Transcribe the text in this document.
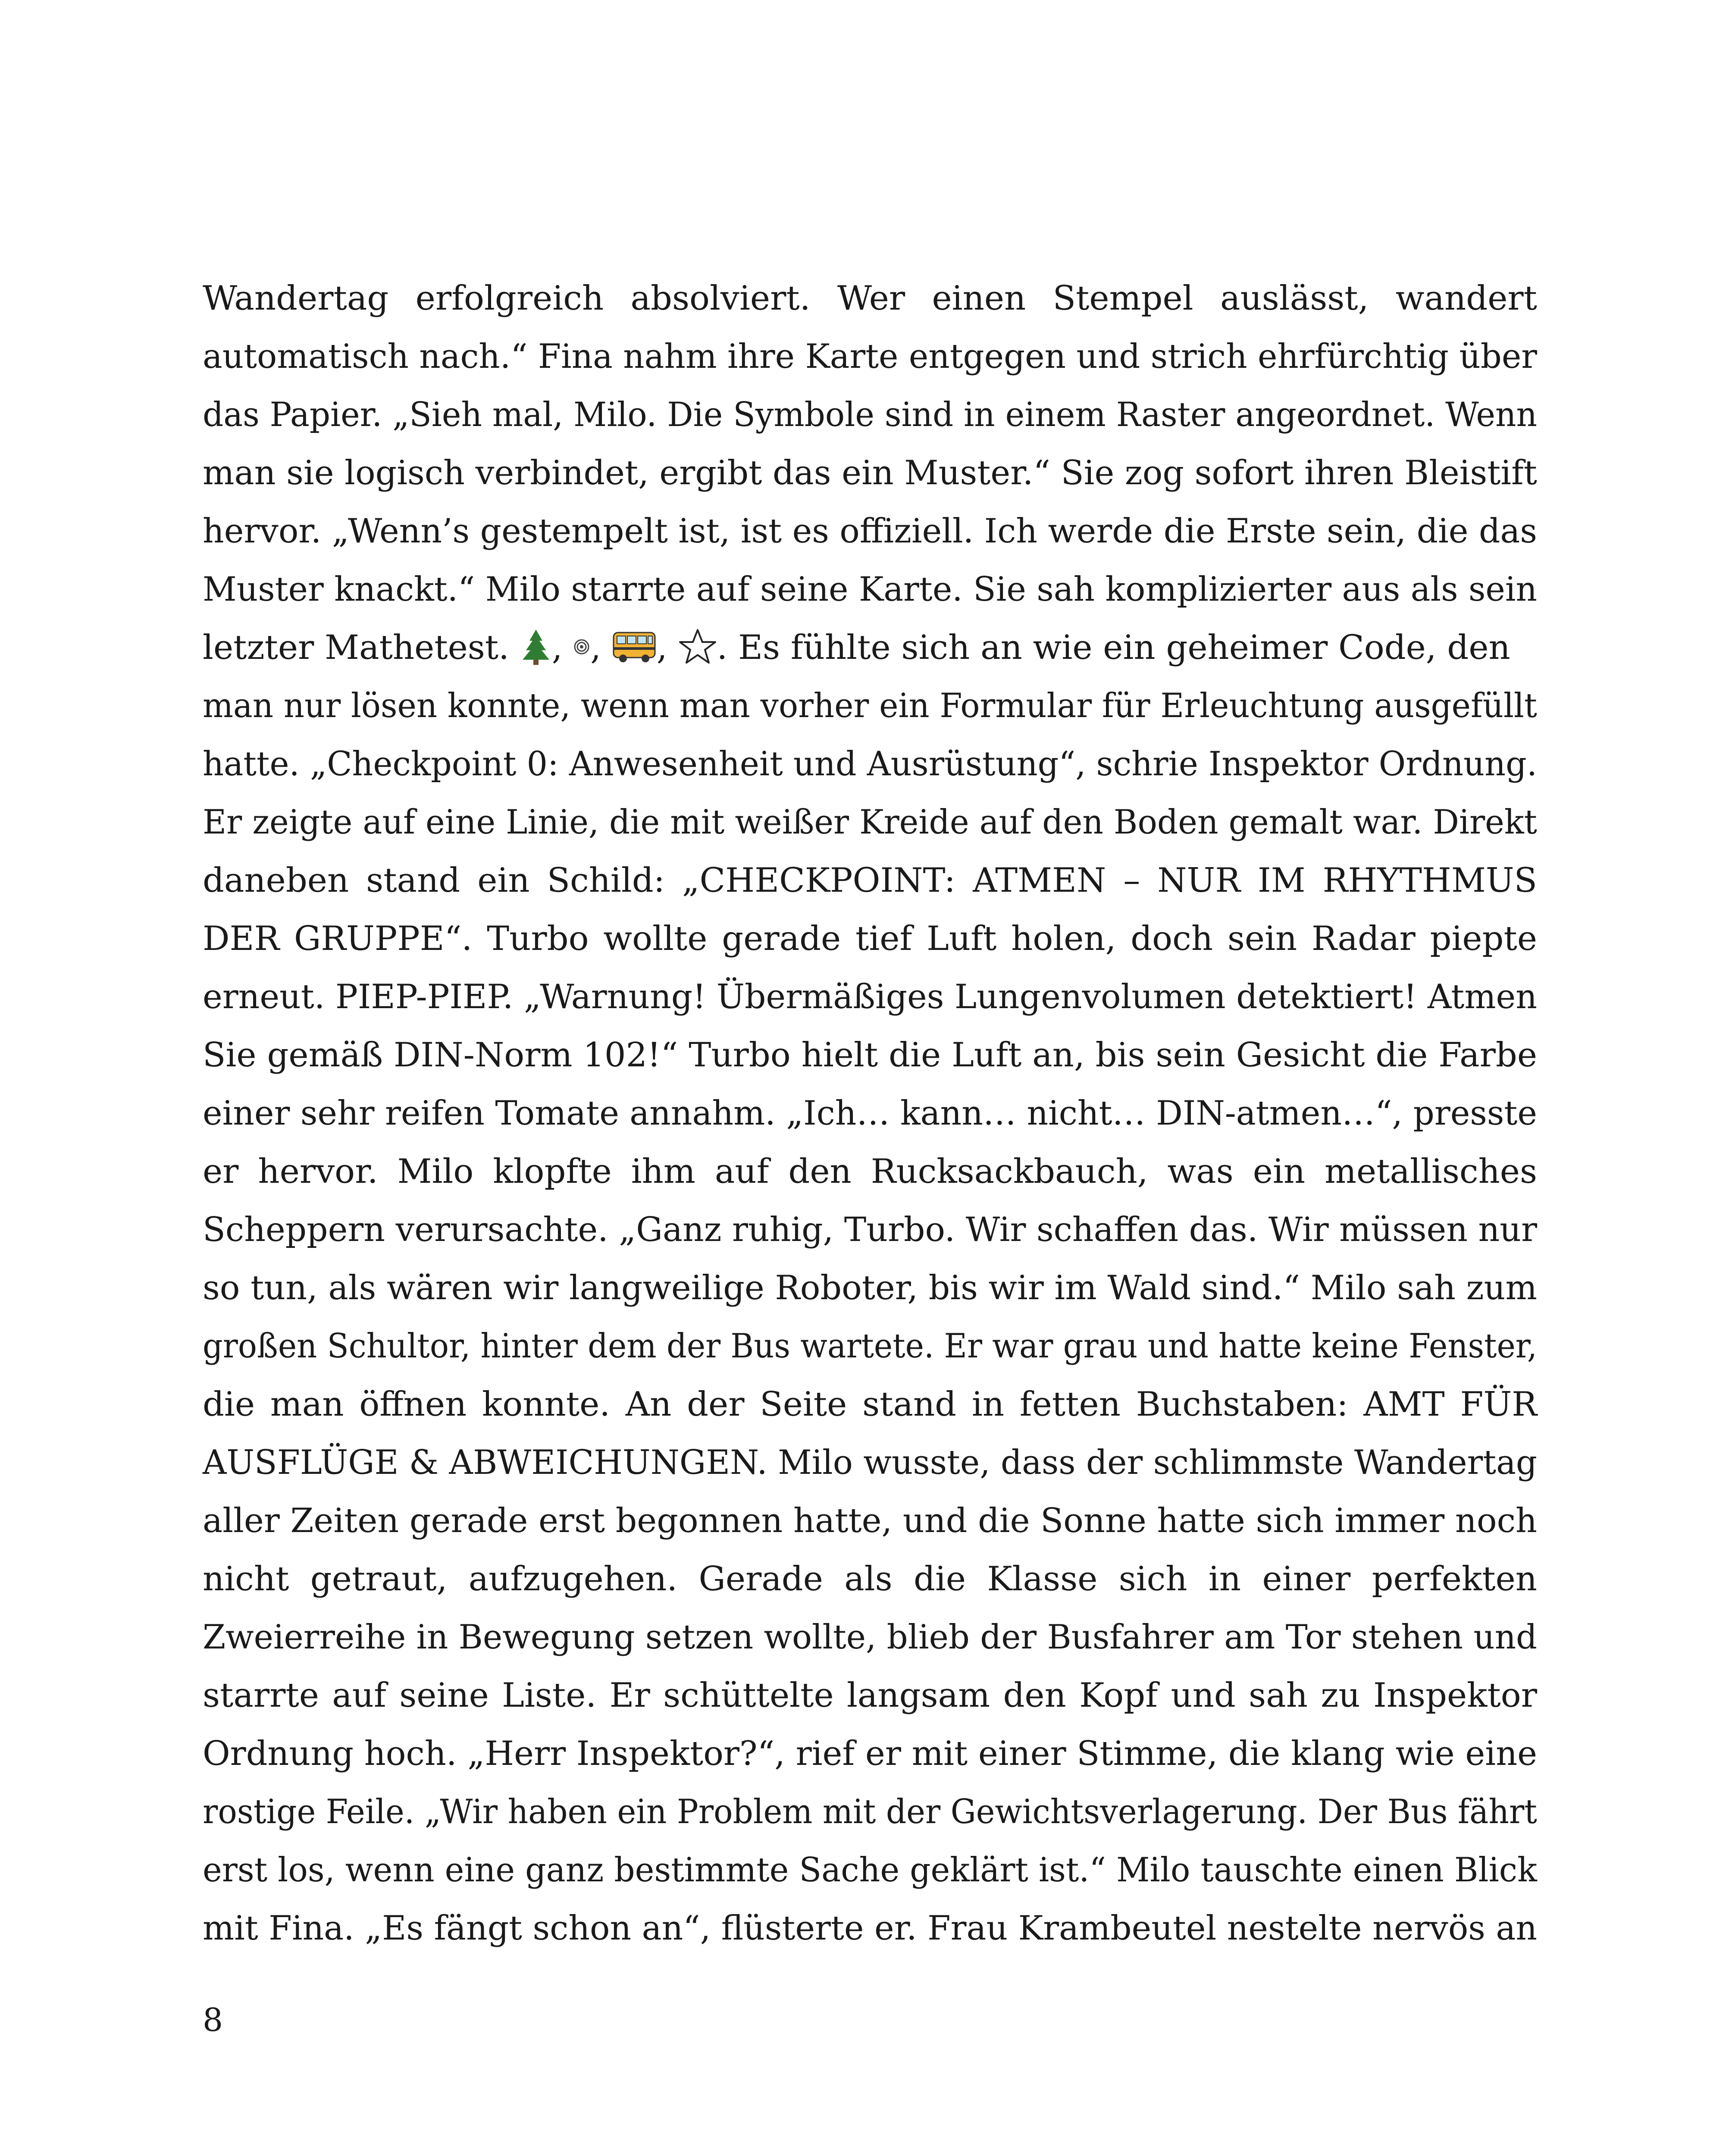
Wandertag erfolgreich absolviert. Wer einen Stempel auslässt, wandert
automatisch nach.“ Fina nahm ihre Karte entgegen und strich ehrfürchtig über
das Papier. „Sieh mal, Milo. Die Symbole sind in einem Raster angeordnet. Wenn
man sie logisch verbindet, ergibt das ein Muster.“ Sie zog sofort ihren Bleistift
hervor. „Wenn’s gestempelt ist, ist es offiziell. Ich werde die Erste sein, die das
Muster knackt.“ Milo starrte auf seine Karte. Sie sah komplizierter aus als sein
letzter Mathetest. , , , . Es fühlte sich an wie ein geheimer Code, den
man nur lösen konnte, wenn man vorher ein Formular für Erleuchtung ausgefüllt
hatte. „Checkpoint 0: Anwesenheit und Ausrüstung“, schrie Inspektor Ordnung.
Er zeigte auf eine Linie, die mit weißer Kreide auf den Boden gemalt war. Direkt
daneben stand ein Schild: „CHECKPOINT: ATMEN – NUR IM RHYTHMUS
DER GRUPPE“. Turbo wollte gerade tief Luft holen, doch sein Radar piepte
erneut. PIEP-PIEP. „Warnung! Übermäßiges Lungenvolumen detektiert! Atmen
Sie gemäß DIN-Norm 102!“ Turbo hielt die Luft an, bis sein Gesicht die Farbe
einer sehr reifen Tomate annahm. „Ich… kann… nicht… DIN-atmen…“, presste
er hervor. Milo klopfte ihm auf den Rucksackbauch, was ein metallisches
Scheppern verursachte. „Ganz ruhig, Turbo. Wir schaffen das. Wir müssen nur
so tun, als wären wir langweilige Roboter, bis wir im Wald sind.“ Milo sah zum
großen Schultor, hinter dem der Bus wartete. Er war grau und hatte keine Fenster,
die man öffnen konnte. An der Seite stand in fetten Buchstaben: AMT FÜR
AUSFLÜGE & ABWEICHUNGEN. Milo wusste, dass der schlimmste Wandertag
aller Zeiten gerade erst begonnen hatte, und die Sonne hatte sich immer noch
nicht getraut, aufzugehen. Gerade als die Klasse sich in einer perfekten
Zweierreihe in Bewegung setzen wollte, blieb der Busfahrer am Tor stehen und
starrte auf seine Liste. Er schüttelte langsam den Kopf und sah zu Inspektor
Ordnung hoch. „Herr Inspektor?“, rief er mit einer Stimme, die klang wie eine
rostige Feile. „Wir haben ein Problem mit der Gewichtsverlagerung. Der Bus fährt
erst los, wenn eine ganz bestimmte Sache geklärt ist.“ Milo tauschte einen Blick
mit Fina. „Es fängt schon an“, flüsterte er. Frau Krambeutel nestelte nervös an
8
